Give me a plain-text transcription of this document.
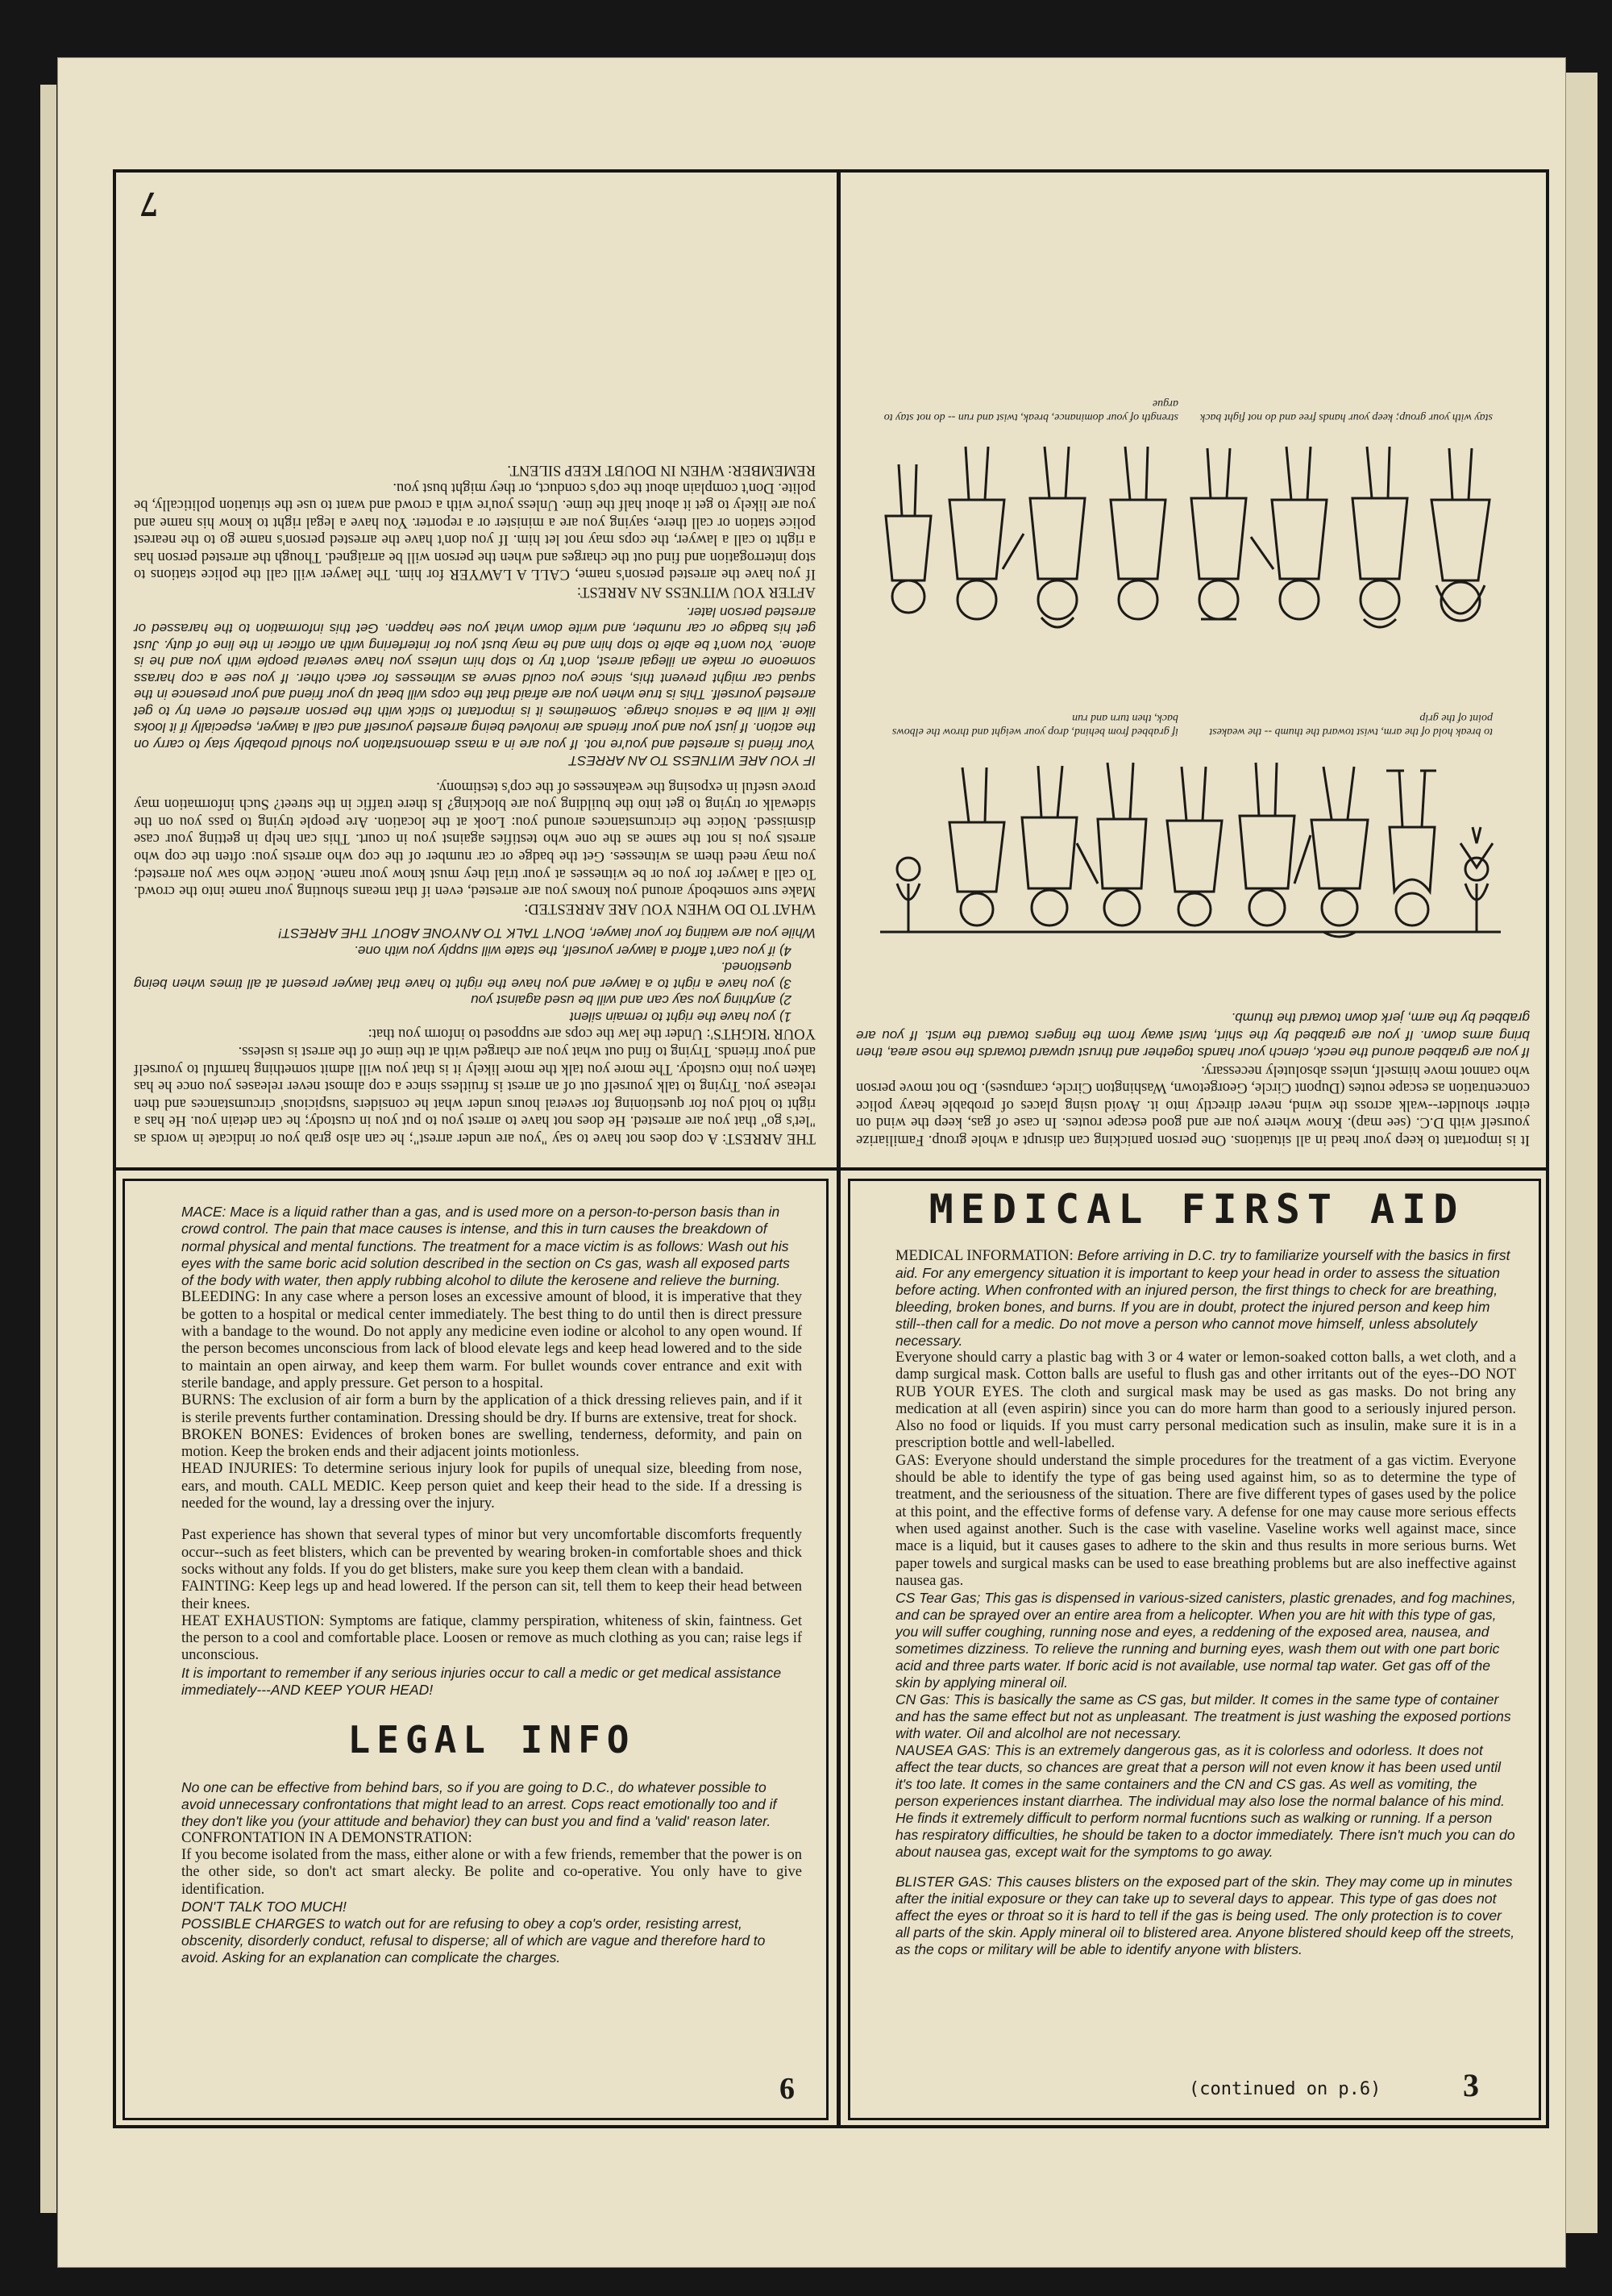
THE ARREST: A cop does not have to say "you are under arrest"; he can also grab you or indicate in words as "let's go" that you are arrested. He does not have to arrest you to put you in custody; he can detain you. He has a right to hold you for questioning for several hours under what he considers 'suspicious' circumstances and then release you. Trying to talk yourself out of an arrest is fruitless since a cop almost never releases you once he has taken you into custody. The more you talk the more likely it is that you will admit something harmful to yourself and your friends. Trying to find out what you are charged with at the time of the arrest is useless.

YOUR 'RIGHTS': Under the law the cops are supposed to inform you that:

1) you have the right to remain silent

2) anything you say can and will be used against you

3) you have a right to a lawyer and you have the right to have that lawyer present at all times when being questioned.

4) if you can't afford a lawyer yourself, the state will supply you with one.

While you are waiting for your lawyer, DON'T TALK TO ANYONE ABOUT THE ARREST!

WHAT TO DO WHEN YOU ARE ARRESTED:

Make sure somebody around you knows you are arrested, even if that means shouting your name into the crowd. To call a lawyer for you or be witnesses at your trial they must know your name. Notice who saw you arrested; you may need them as witnesses. Get the badge or car number of the cop who arrests you: often the cop who arrests you is not the same as the one who testifies against you in court. This can help in getting your case dismissed. Notice the circumstances around you: Look at the location. Are people trying to pass you on the sidewalk or trying to get into the building you are blocking? Is there traffic in the street? Such information may prove useful in exposing the weaknesses of the cop's testimony.

IF YOU ARE WITNESS TO AN ARREST

Your friend is arrested and you're not. If you are in a mass demonstration you should probably stay to carry on the action. If just you and your friends are involved being arrested yourself and call a lawyer, especially if it looks like it will be a serious charge. Sometimes it is important to stick with the person arrested or even try to get arrested yourself. This is true when you are afraid that the cops will beat up your friend and your presence in the squad car might prevent this, since you could serve as witnesses for each other. If you see a cop harass someone or make an illegal arrest, don't try to stop him unless you have several people with you and he is alone. You won't be able to stop him and he may bust you for interfering with an officer in the line of duty. Just get his badge or car number, and write down what you see happen. Get this information to the harassed or arrested person later.

AFTER YOU WITNESS AN ARREST:

If you have the arrested person's name, CALL A LAWYER for him. The lawyer will call the police stations to stop interrogation and find out the charges and when the person will be arraigned. Though the arrested person has a right to call a lawyer, the cops may not let him. If you don't have the arrested person's name go to the nearest police station or call there, saying you are a minister or a reporter. You have a legal right to know his name and you are likely to get it about half the time. Unless you're with a crowd and want to use the situation politically, be polite. Don't complain about the cop's conduct, or they might bust you.

REMEMBER: WHEN IN DOUBT KEEP SILENT.

7

It is important to keep your head in all situations. One person panicking can disrupt a whole group. Familiarize yourself with D.C. (see map). Know where you are and good escape routes. In case of gas, keep the wind on either shoulder--walk across the wind, never directly into it. Avoid using places of probable heavy police concentration as escape routes (Dupont Circle, Georgetown, Washington Circle, campuses). Do not move person who cannot move himself, unless absolutely necessary.

If you are grabbed around the neck, clench your hands together and thrust upward towards the nose area, then bring arms down. If you are grabbed by the shirt, twist away from the fingers toward the wrist. If you are grabbed by the arm, jerk down toward the thumb.

to break hold of the arm, twist toward the thumb -- the weakest point of the grip
if grabbed from behind, drop your weight and throw the elbows back, then turn and run
stay with your group; keep your hands free and do not fight back
strength of your dominance, break, twist and run -- do not stay to argue

MACE: Mace is a liquid rather than a gas, and is used more on a person-to-person basis than in crowd control. The pain that mace causes is intense, and this in turn causes the breakdown of normal physical and mental functions. The treatment for a mace victim is as follows: Wash out his eyes with the same boric acid solution described in the section on Cs gas, wash all exposed parts of the body with water, then apply rubbing alcohol to dilute the kerosene and relieve the burning.

BLEEDING: In any case where a person loses an excessive amount of blood, it is imperative that they be gotten to a hospital or medical center immediately. The best thing to do until then is direct pressure with a bandage to the wound. Do not apply any medicine even iodine or alcohol to any open wound. If the person becomes unconscious from lack of blood elevate legs and keep head lowered and to the side to maintain an open airway, and keep them warm. For bullet wounds cover entrance and exit with sterile bandage, and apply pressure. Get person to a hospital.

BURNS: The exclusion of air form a burn by the application of a thick dressing relieves pain, and if it is sterile prevents further contamination. Dressing should be dry. If burns are extensive, treat for shock.

BROKEN BONES: Evidences of broken bones are swelling, tenderness, deformity, and pain on motion. Keep the broken ends and their adjacent joints motionless.

HEAD INJURIES: To determine serious injury look for pupils of unequal size, bleeding from nose, ears, and mouth. CALL MEDIC. Keep person quiet and keep their head to the side. If a dressing is needed for the wound, lay a dressing over the injury.

Past experience has shown that several types of minor but very uncomfortable discomforts frequently occur--such as feet blisters, which can be prevented by wearing broken-in comfortable shoes and thick socks without any folds. If you do get blisters, make sure you keep them clean with a bandaid.

FAINTING: Keep legs up and head lowered. If the person can sit, tell them to keep their head between their knees.

HEAT EXHAUSTION: Symptoms are fatique, clammy perspiration, whiteness of skin, faintness. Get the person to a cool and comfortable place. Loosen or remove as much clothing as you can; raise legs if unconscious.

It is important to remember if any serious injuries occur to call a medic or get medical assistance immediately---AND KEEP YOUR HEAD!

LEGAL INFO

No one can be effective from behind bars, so if you are going to D.C., do whatever possible to avoid unnecessary confrontations that might lead to an arrest. Cops react emotionally too and if they don't like you (your attitude and behavior) they can bust you and find a 'valid' reason later.

CONFRONTATION IN A DEMONSTRATION:

If you become isolated from the mass, either alone or with a few friends, remember that the power is on the other side, so don't act smart alecky. Be polite and co-operative. You only have to give identification.

DON'T TALK TOO MUCH!

POSSIBLE CHARGES to watch out for are refusing to obey a cop's order, resisting arrest, obscenity, disorderly conduct, refusal to disperse; all of which are vague and therefore hard to avoid. Asking for an explanation can complicate the charges.

6
MEDICAL FIRST AID

MEDICAL INFORMATION: Before arriving in D.C. try to familiarize yourself with the basics in first aid. For any emergency situation it is important to keep your head in order to assess the situation before acting. When confronted with an injured person, the first things to check for are breathing, bleeding, broken bones, and burns. If you are in doubt, protect the injured person and keep him still--then call for a medic. Do not move a person who cannot move himself, unless absolutely necessary.

Everyone should carry a plastic bag with 3 or 4 water or lemon-soaked cotton balls, a wet cloth, and a damp surgical mask. Cotton balls are useful to flush gas and other irritants out of the eyes--DO NOT RUB YOUR EYES. The cloth and surgical mask may be used as gas masks. Do not bring any medication at all (even aspirin) since you can do more harm than good to a seriously injured person. Also no food or liquids. If you must carry personal medication such as insulin, make sure it is in a prescription bottle and well-labelled.

GAS: Everyone should understand the simple procedures for the treatment of a gas victim. Everyone should be able to identify the type of gas being used against him, so as to determine the type of treatment, and the seriousness of the situation. There are five different types of gases used by the police at this point, and the effective forms of defense vary. A defense for one may cause more serious effects when used against another. Such is the case with vaseline. Vaseline works well against mace, since mace is a liquid, but it causes gases to adhere to the skin and thus results in more serious burns. Wet paper towels and surgical masks can be used to ease breathing problems but are also ineffective against nausea gas.

CS Tear Gas; This gas is dispensed in various-sized canisters, plastic grenades, and fog machines, and can be sprayed over an entire area from a helicopter. When you are hit with this type of gas, you will suffer coughing, running nose and eyes, a reddening of the exposed area, nausea, and sometimes dizziness. To relieve the running and burning eyes, wash them out with one part boric acid and three parts water. If boric acid is not available, use normal tap water. Get gas off of the skin by applying mineral oil.

CN Gas: This is basically the same as CS gas, but milder. It comes in the same type of container and has the same effect but not as unpleasant. The treatment is just washing the exposed portions with water. Oil and alcolhol are not necessary.

NAUSEA GAS: This is an extremely dangerous gas, as it is colorless and odorless. It does not affect the tear ducts, so chances are great that a person will not even know it has been used until it's too late. It comes in the same containers and the CN and CS gas. As well as vomiting, the person experiences instant diarrhea. The individual may also lose the normal balance of his mind. He finds it extremely difficult to perform normal fucntions such as walking or running. If a person has respiratory difficulties, he should be taken to a doctor immediately. There isn't much you can do about nausea gas, except wait for the symptoms to go away.

BLISTER GAS: This causes blisters on the exposed part of the skin. They may come up in minutes after the initial exposure or they can take up to several days to appear. This type of gas does not affect the eyes or throat so it is hard to tell if the gas is being used. The only protection is to cover all parts of the skin. Apply mineral oil to blistered area. Anyone blistered should keep off the streets, as the cops or military will be able to identify anyone with blisters.

(continued on p.6)	3
